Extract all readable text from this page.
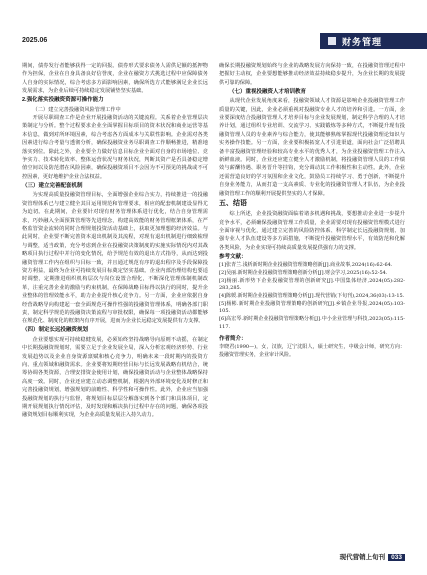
2025.06	财务管理

期间，债券发行者能够获得一定的回报。债券形式要求债务人需供足额的抵押物作为担保，企业在自身具备良好信誉度，企业在融资方式挑选过程中应保障债务人自身的实际情况，综合考虑多方面影响因素，确保所选方式能够满足企业长远发展需求，为企业后续可持续稳定发展铺垫坚实基础。

2.强化落实投融资资源可操作能力

（二）建立完善投融资风险管理工作中

开展尽职调查工作是企业开展投融资活动的关键流程。关系着企业管理层决策制定与分析。整个过程要求企业全面掌握目标项目的资本状况和商业运营等基本信息，做到对所环境因素，综合考虑各方面成本与关联性影响。企业需对各类因素进行综合考量与透彻分析，确保投融资业务尽职调查工作顺畅推进，精准地落实到位。除此之外，企业要全力做好信息目标企业全面对自身的市场地位、竞争实力、技术转化效率、整体运营状况与财务状况，判断其资产是否具备稳定增值空间以及防范潜在风险因素，确保投融资项目不会因为不可预见的挑战或不可控因素，更好地维护企业合法权益。

（三）建立完善配套机制

为实现高质量投融资管理目标，全面增强企业综合实力，持续推进一的投融资管理体系已与建立健全其目运用规范和管理要求，相应的配套机制建设显得尤为迫切。在此期间，企业要针对现有财务管理体系进行优化，结合自身管理需求，巧妙融入全面预算管理等先进理念，构建高效能的财务管理框架体系，在严格监管资金流转的同时合理规划投资活动基础上，获取更加理想的经济效益。与此同时，企业要不断完善资本退出机制及其流程，对现有退出机制进行细致梳理与调整，适当政策，充分考虑到企业在投融资决策制度的实施实际情况内对其战略项目执行过程中并行的变化情况，给予规范有效的退出方式指导，从而达到投融资管理工作内在组织与目标一致，并且通过规范有序的退出程序及手段保障投资方利益，最终为企业可持续发展目标奠定坚实基础。企业内部治理结构也要适时调整，定期推进组织机构层次与岗位设置合理化，不断深化管理体制机制改革，注重完善企业的激励与约束机制，在保障战略目标得以执行的同时，提升企业整体的管理效能水平，助力企业提升核心竞争力。另一方面，企业应依据自身经营战略导向构建起一套全面规范可操作性强的投融资管理体系，明确各部门职责，制定科学规范的投融资决策流程与审批权限，确保每一项投融资活动都能够在规范化、制度化的框架内有序开展，进而为企业长远稳定发展提供有力支撑。

（四）制定长远投融资规划

企业要想实现可持续稳健发展，必须始终坚持战略导向原则不动摇，在制定中长期投融资规划时，需要立足于企业发展全局，深入分析宏观经济形势、行业发展趋势以及企业自身资源禀赋和核心竞争力，明确未来一段时期内的投资方向、重点领域和融资需求。企业要将短期经营目标与长远发展战略有机结合，统筹协调各类资源，合理安排资金使用计划，确保投融资活动与企业整体战略保持高度一致。同时，企业还应建立动态调整机制，根据内外部环境变化及时修正和完善投融资规划，增强规划的前瞻性、科学性和可操作性。此外，企业应当加强投融资规划的执行与监督，将规划目标层层分解落实到各个部门和具体项目，定期开展规划执行情况评估，及时发现和解决执行过程中存在的问题，确保各项投融资规划目标顺利实现，为企业高质量发展注入持久动力。

确保长期投融资规划始终与企业的战略发展方向保持一致，在投融资管理过程中把握好主动权，企业要想能够推动经济效益持续稳步提升，为企业长期的发展提供可靠的保障。

（七）重视投融资人才培训教育

从现代企业发展角度来看，投融资领域人才资源是影响企业投融资管理工作质量的关键，因此，企业必须重视对投融资专业人才的培养和引进。一方面，企业要深度结合投融资管理人才培养目标与企业发展规划，制定科学合理的人才培养计划，通过组织专业培训、交流学习、实践锻炼等多种方式，不断提升现有投融资管理人员的专业素养与综合能力，使其能够熟练掌握现代投融资理论知识与实务操作技能。另一方面，企业要积极拓宽人才引进渠道，面向社会广泛招聘具备丰富投融资管理经验和较高专业水平的优秀人才，为企业投融资管理工作注入新鲜血液。同时，企业还应建立健全人才激励机制，将投融资管理人员的工作绩效与薪酬待遇、职务晋升等挂钩，充分调动其工作积极性和主动性。此外，企业还需营造良好的学习氛围和企业文化，鼓励员工持续学习、勇于创新，不断提升自身业务能力，从而打造一支高素质、专业化的投融资管理人才队伍，为企业投融资管理工作的顺利开展提供坚实的人才保障。

五、结语

综上所述，企业投资融资面临着诸多机遇和挑战，要想推动企业进一步提升竞争水平，必须确保投融资管理工作质量，企业需要对现有投融资管理模式进行全面审视与优化，通过建立完善的风险防控体系、科学制定长远投融资规划、加强专业人才队伍建设等多方面措施，不断提升投融资管理水平，有效防范和化解各类风险，为企业实现可持续高质量发展提供强有力的支撑。

参考文献：
[1]张青兰.浅析新时期企业投融资管理策略创新[J].商业故事,2024(16):62-64.
[2]吴丽.新时期企业投融资管理策略创新分析[J].财会学习,2025(16):52-54.
[3]杨丽.新形势下企业投融资管理的创新研究[J].中国集体经济,2024(05):282-283,285.
[4]陈媛.新时期企业投融资管理策略分析[J].现代营销(下旬刊),2024,36(03):13-15.
[5]杨彬.新时期企业投融资管理策略的创新研究[J].乡镇企业导报,2024(05):103-105.
[6]高宏琴.新时期企业投融资管理策略分析[J].中小企业管理与科技,2023(05):115-117.
作者简介：
李晓君(1990—)，女，汉族，辽宁沈阳人，硕士研究生，中级会计师，研究方向：投融资管理实务，企业审计风险。
现代营销上旬刊 033
